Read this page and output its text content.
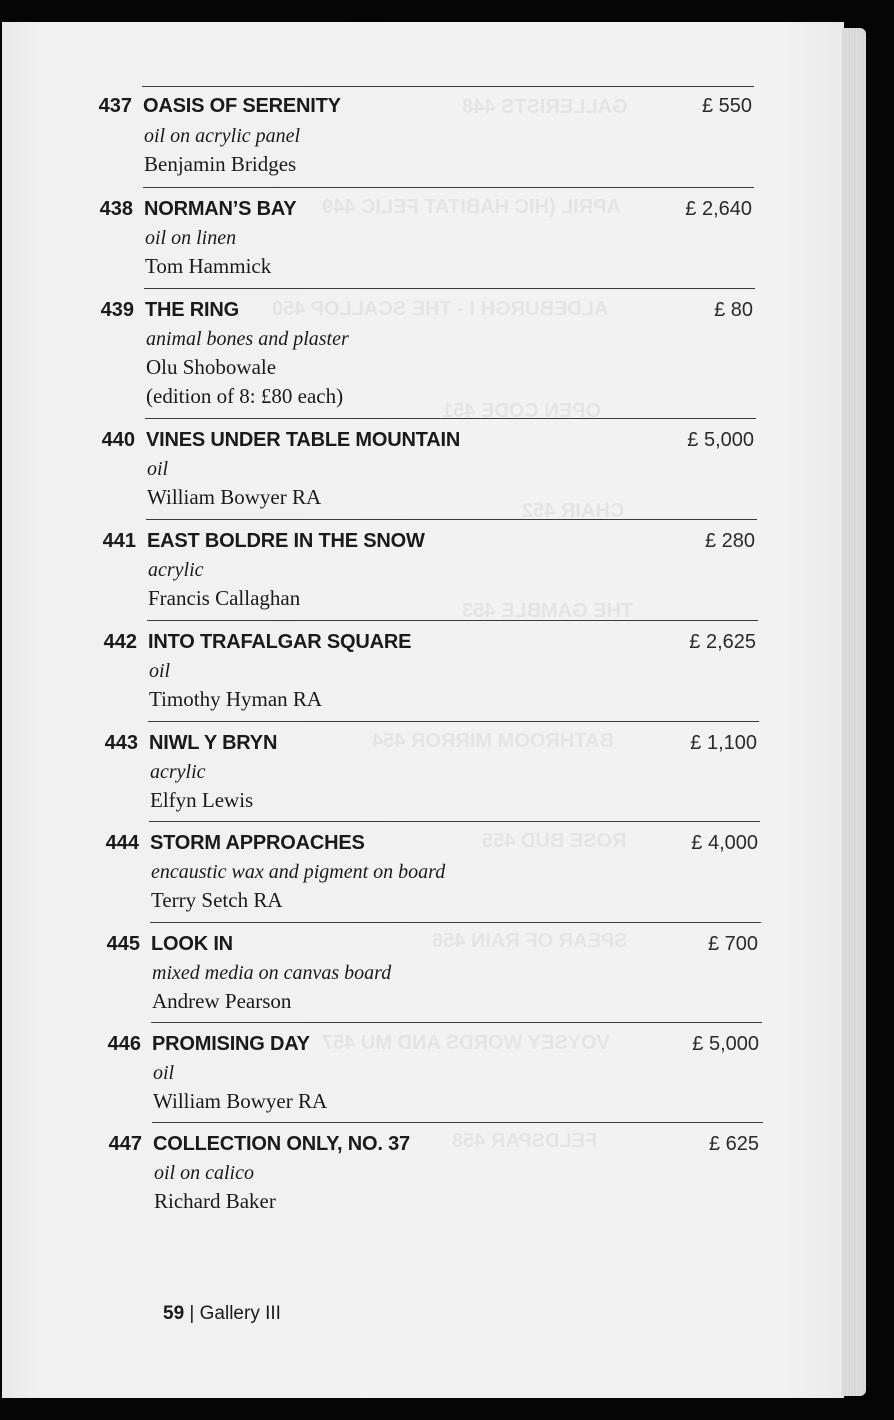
GALLERISTS 448
APRIL (HIC HABITAT FELIC 449
ALDEBURGH I - THE SCALLOP 450
OPEN CODE 451
CHAIR 452
THE GAMBLE 453
BATHROOM MIRROR 454
ROSE BUD 455
SPEAR OF RAIN 456
VOYSEY WORDS AND MU 457
FELDSPAR 458
437 OASIS OF SERENITY	£ 550
oil on acrylic panel
Benjamin Bridges
438 NORMAN’S BAY	£ 2,640
oil on linen
Tom Hammick
439 THE RING	£ 80
animal bones and plaster
Olu Shobowale
(edition of 8: £80 each)
440 VINES UNDER TABLE MOUNTAIN	£ 5,000
oil
William Bowyer RA
441 EAST BOLDRE IN THE SNOW	£ 280
acrylic
Francis Callaghan
442 INTO TRAFALGAR SQUARE	£ 2,625
oil
Timothy Hyman RA
443 NIWL Y BRYN	£ 1,100
acrylic
Elfyn Lewis
444 STORM APPROACHES	£ 4,000
encaustic wax and pigment on board
Terry Setch RA
445 LOOK IN	£ 700
mixed media on canvas board
Andrew Pearson
446 PROMISING DAY	£ 5,000
oil
William Bowyer RA
447 COLLECTION ONLY, NO. 37	£ 625
oil on calico
Richard Baker
59 | Gallery III
